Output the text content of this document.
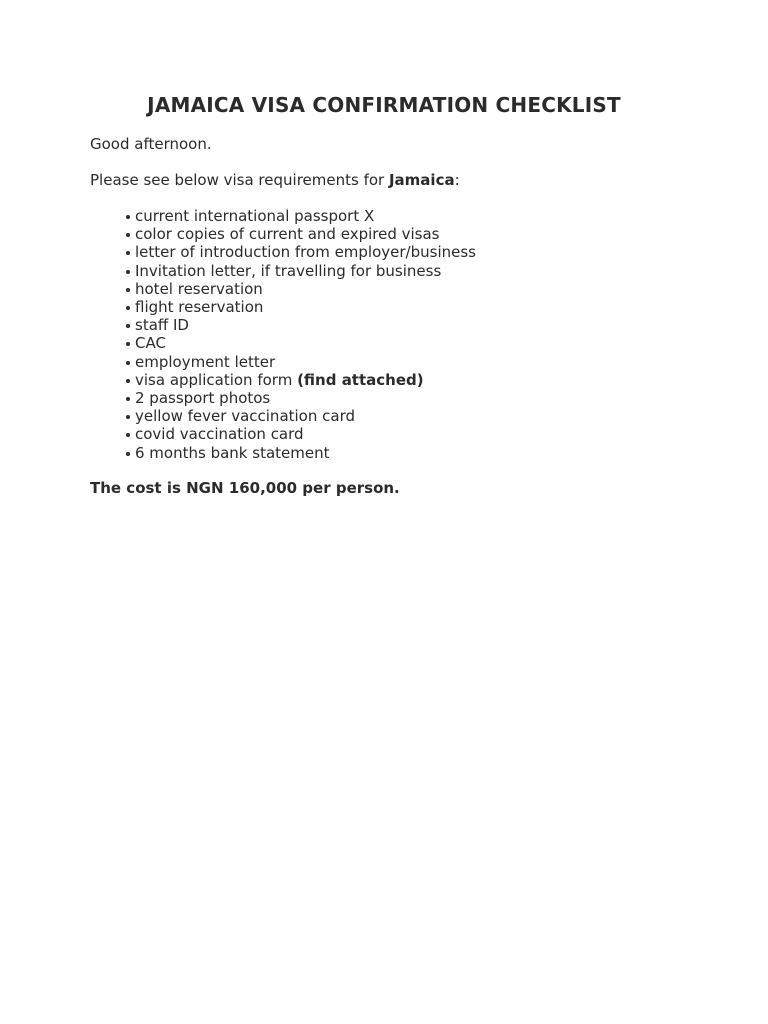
JAMAICA VISA CONFIRMATION CHECKLIST

Good afternoon.

Please see below visa requirements for Jamaica:

current international passport X
color copies of current and expired visas
letter of introduction from employer/business
Invitation letter, if travelling for business
hotel reservation
flight reservation
staff ID
CAC
employment letter
visa application form (find attached)
2 passport photos
yellow fever vaccination card
covid vaccination card
6 months bank statement

The cost is NGN 160,000 per person.
